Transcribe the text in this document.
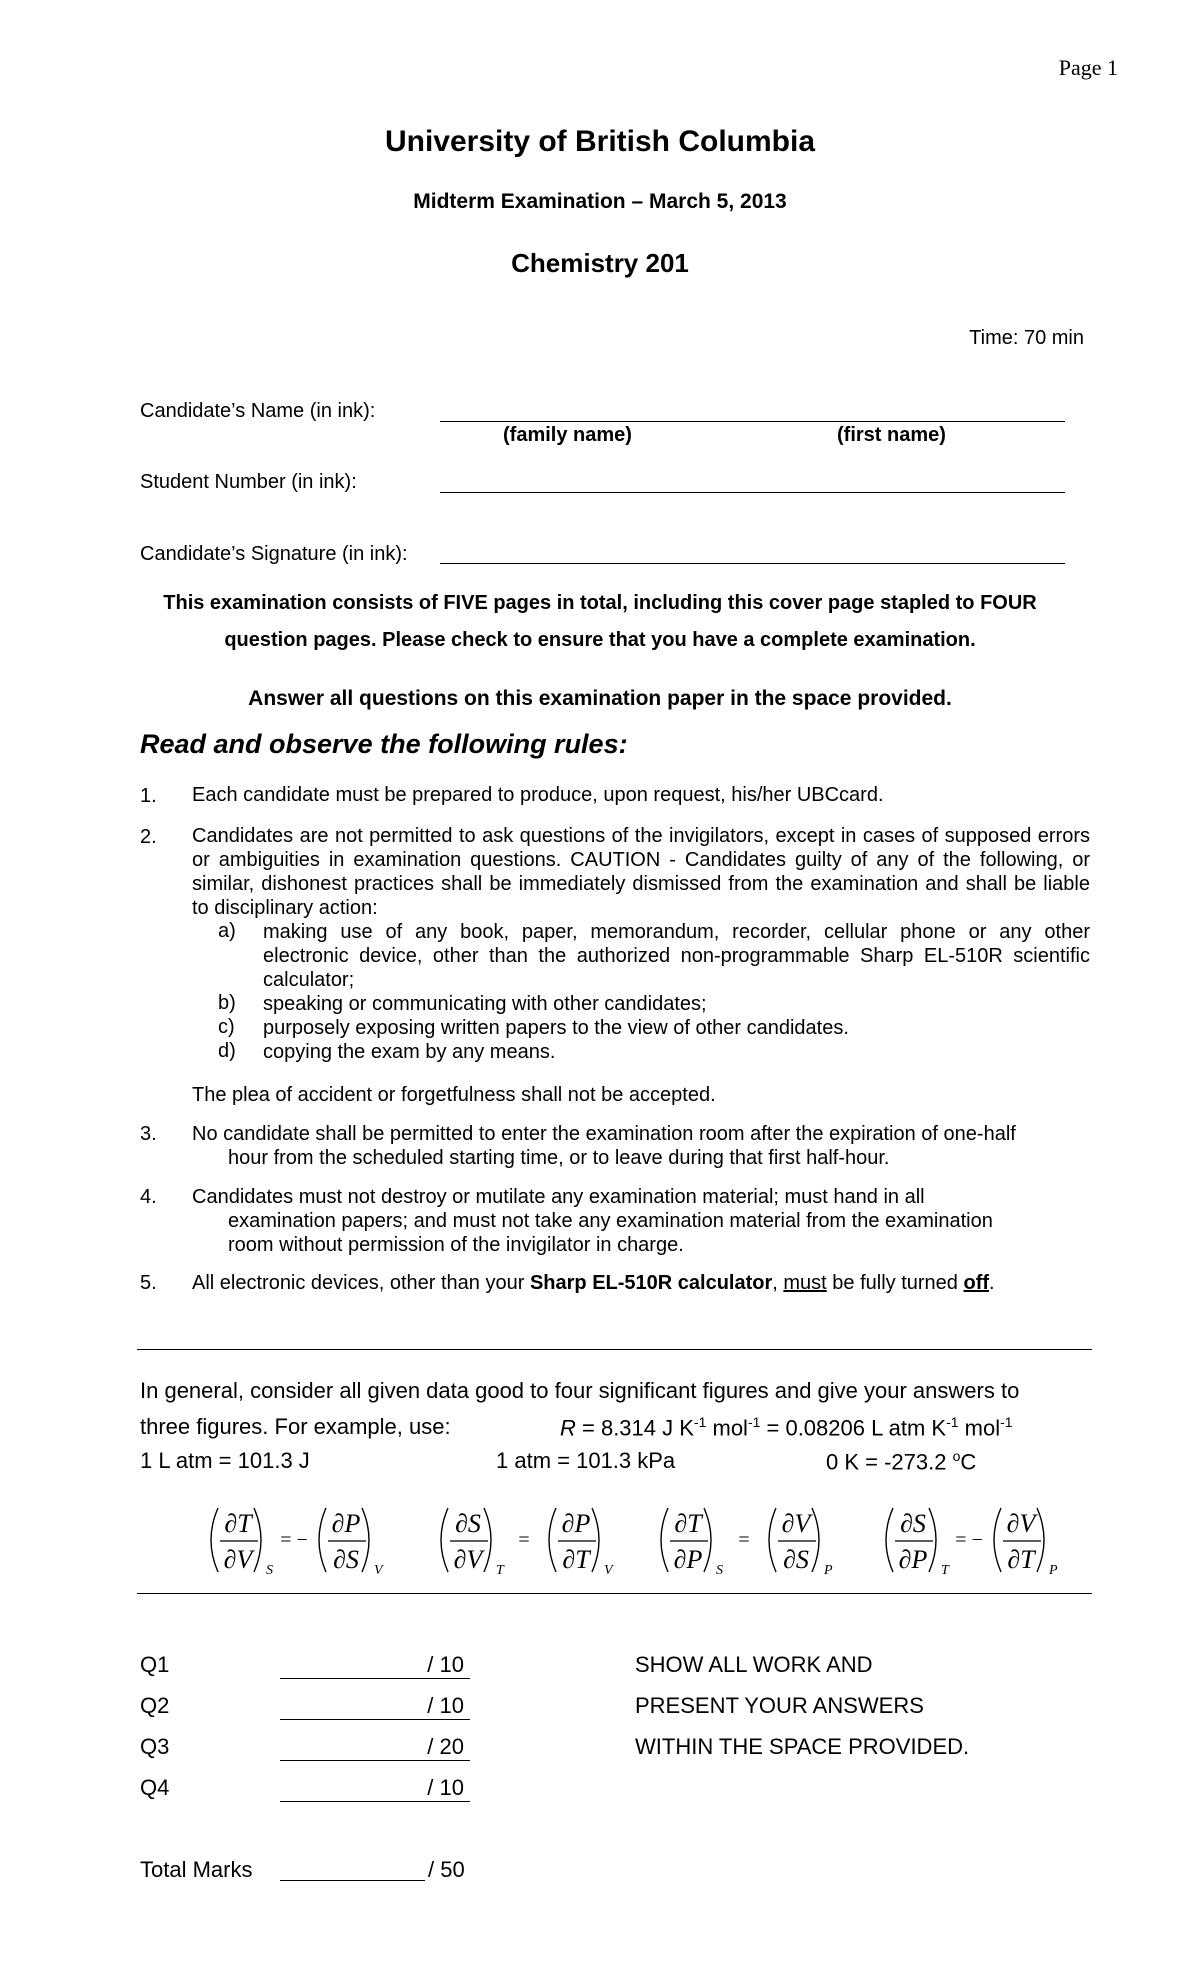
Page 1
University of British Columbia
Midterm Examination – March 5, 2013
Chemistry 201
Time: 70 min
Candidate’s Name (in ink):
(family name)	(first name)
Student Number (in ink):
Candidate’s Signature (in ink):
This examination consists of FIVE pages in total, including this cover page stapled to FOUR
question pages. Please check to ensure that you have a complete examination.
Answer all questions on this examination paper in the space provided.
Read and observe the following rules:
1. Each candidate must be prepared to produce, upon request, his/her UBCcard.
2. Candidates are not permitted to ask questions of the invigilators, except in cases of supposed errors or ambiguities in examination questions. CAUTION - Candidates guilty of any of the following, or similar, dishonest practices shall be immediately dismissed from the examination and shall be liable to disciplinary action:
a) making use of any book, paper, memorandum, recorder, cellular phone or any other electronic device, other than the authorized non-programmable Sharp EL-510R scientific calculator;
b) speaking or communicating with other candidates;
c) purposely exposing written papers to the view of other candidates.
d) copying the exam by any means.
The plea of accident or forgetfulness shall not be accepted.
3. No candidate shall be permitted to enter the examination room after the expiration of one-half
hour from the scheduled starting time, or to leave during that first half-hour.
4. Candidates must not destroy or mutilate any examination material; must hand in all
examination papers; and must not take any examination material from the examination
room without permission of the invigilator in charge.
5. All electronic devices, other than your Sharp EL-510R calculator, must be fully turned off.
In general, consider all given data good to four significant figures and give your answers to
three figures. For example, use:	R = 8.314 J $K^{-1}$ mol$^{-1}$ = 0.08206 L atm $K^{-1}$ mol$^{-1}$
1 L atm = 101.3 J	1 atm = 101.3 kPa	0 K = -273.2 $^o$C
∂T
∂V S
= −
∂P
∂S V
∂S
∂V T
=
∂P
∂T V
∂T
∂P S
=
∂V
∂S P
∂S
∂P T
= −
∂V
∂T P
Q1	/ 10
Q2	/ 10
Q3	/ 20
Q4	/ 10
SHOW ALL WORK AND
PRESENT YOUR ANSWERS
WITHIN THE SPACE PROVIDED.
Total Marks	/ 50
